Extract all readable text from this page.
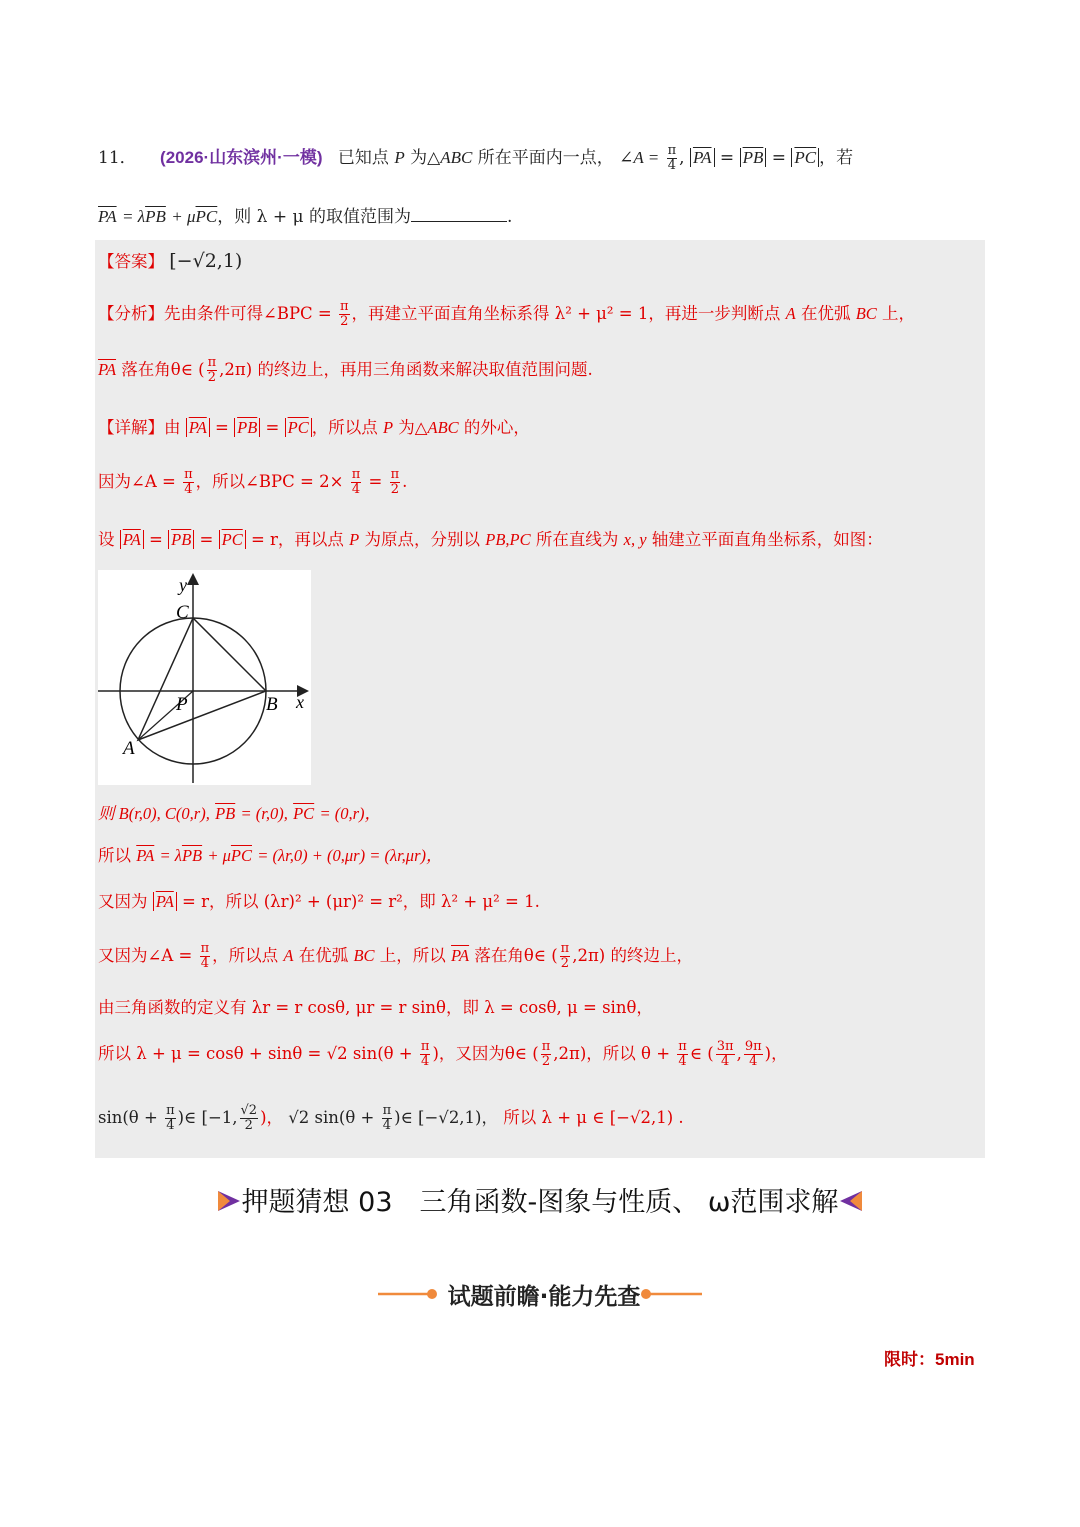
11． (2026·山东滨州·一模) 已知点 P 为△ABC 所在平面内一点， ∠A = $\frac{\pi}{4}$ , $\overline{PA} = \overline{PB} = \overline{PC}$ ，若
$\overline{PA} = \lambda\overline{PB} + \mu\overline{PC}$，则 λ + μ 的取值范围为	.
【答案】 [−√2,1)
【分析】先由条件可得∠BPC = $\frac{\pi}{2}$ ，再建立平面直角坐标系得 λ² + μ² = 1，再进一步判断点 A 在优弧 BC 上，
$\overline{PA}$ 落在角θ∈ ( $\frac{\pi}{2} ,2\pi$) 的终边上，再用三角函数来解决取值范围问题.
【详解】由 $\overline{PA} = \overline{PB} = \overline{PC}$ ，所以点 P 为△ABC 的外心，
因为∠A = $\frac{\pi}{4}$ ，所以∠BPC = $2\times \frac{\pi}{4} = \frac{\pi}{2}$ .
设 $\overline{PA} = \overline{PB} = \overline{PC} = r$，再以点 P 为原点，分别以 PB,PC 所在直线为 x, y 轴建立平面直角坐标系，如图：
y
x
C
P	B
A
则 B(r,0), C(0,r), $\overline{PB} = (r,0)$, $\overline{PC} = (0,r)$，
所以 $\overline{PA} = \lambda\overline{PB} + \mu\overline{PC} = (\lambda r,0) + (0,\mu r) = (\lambda r,\mu r)$，
又因为 $\overline{PA} = r$，所以 (λr)² + (μr)² = r²，即 λ² + μ² = 1.
又因为∠A = $\frac{\pi}{4}$ ，所以点 A 在优弧 BC 上，所以 $\overline{PA}$ 落在角θ∈ ( $\frac{\pi}{2} ,2\pi$) 的终边上，
由三角函数的定义有 λr = r cosθ, μr = r sinθ，即 λ = cosθ, μ = sinθ，
所以 λ + μ = cosθ + sinθ = √2 $\sin(\theta + \frac{\pi}{4}$ )，又因为θ∈ ( $\frac{\pi}{2} ,2\pi$)，所以 $\theta + \frac{\pi}{4}$ ∈ ( $\frac{3\pi}{4}$ , $\frac{9\pi}{4}$ )，
$\sin(\theta + \frac{\pi}{4}$ )∈ [−1, $\frac{√2}{2}$ )， √2 $\sin(\theta + \frac{\pi}{4}$ )∈ [−√2,1)， 所以 λ + μ ∈ [−√2,1) .
押题猜想 03　三角函数-图象与性质、 ω范围求解
试题前瞻·能力先查
限时：5min
